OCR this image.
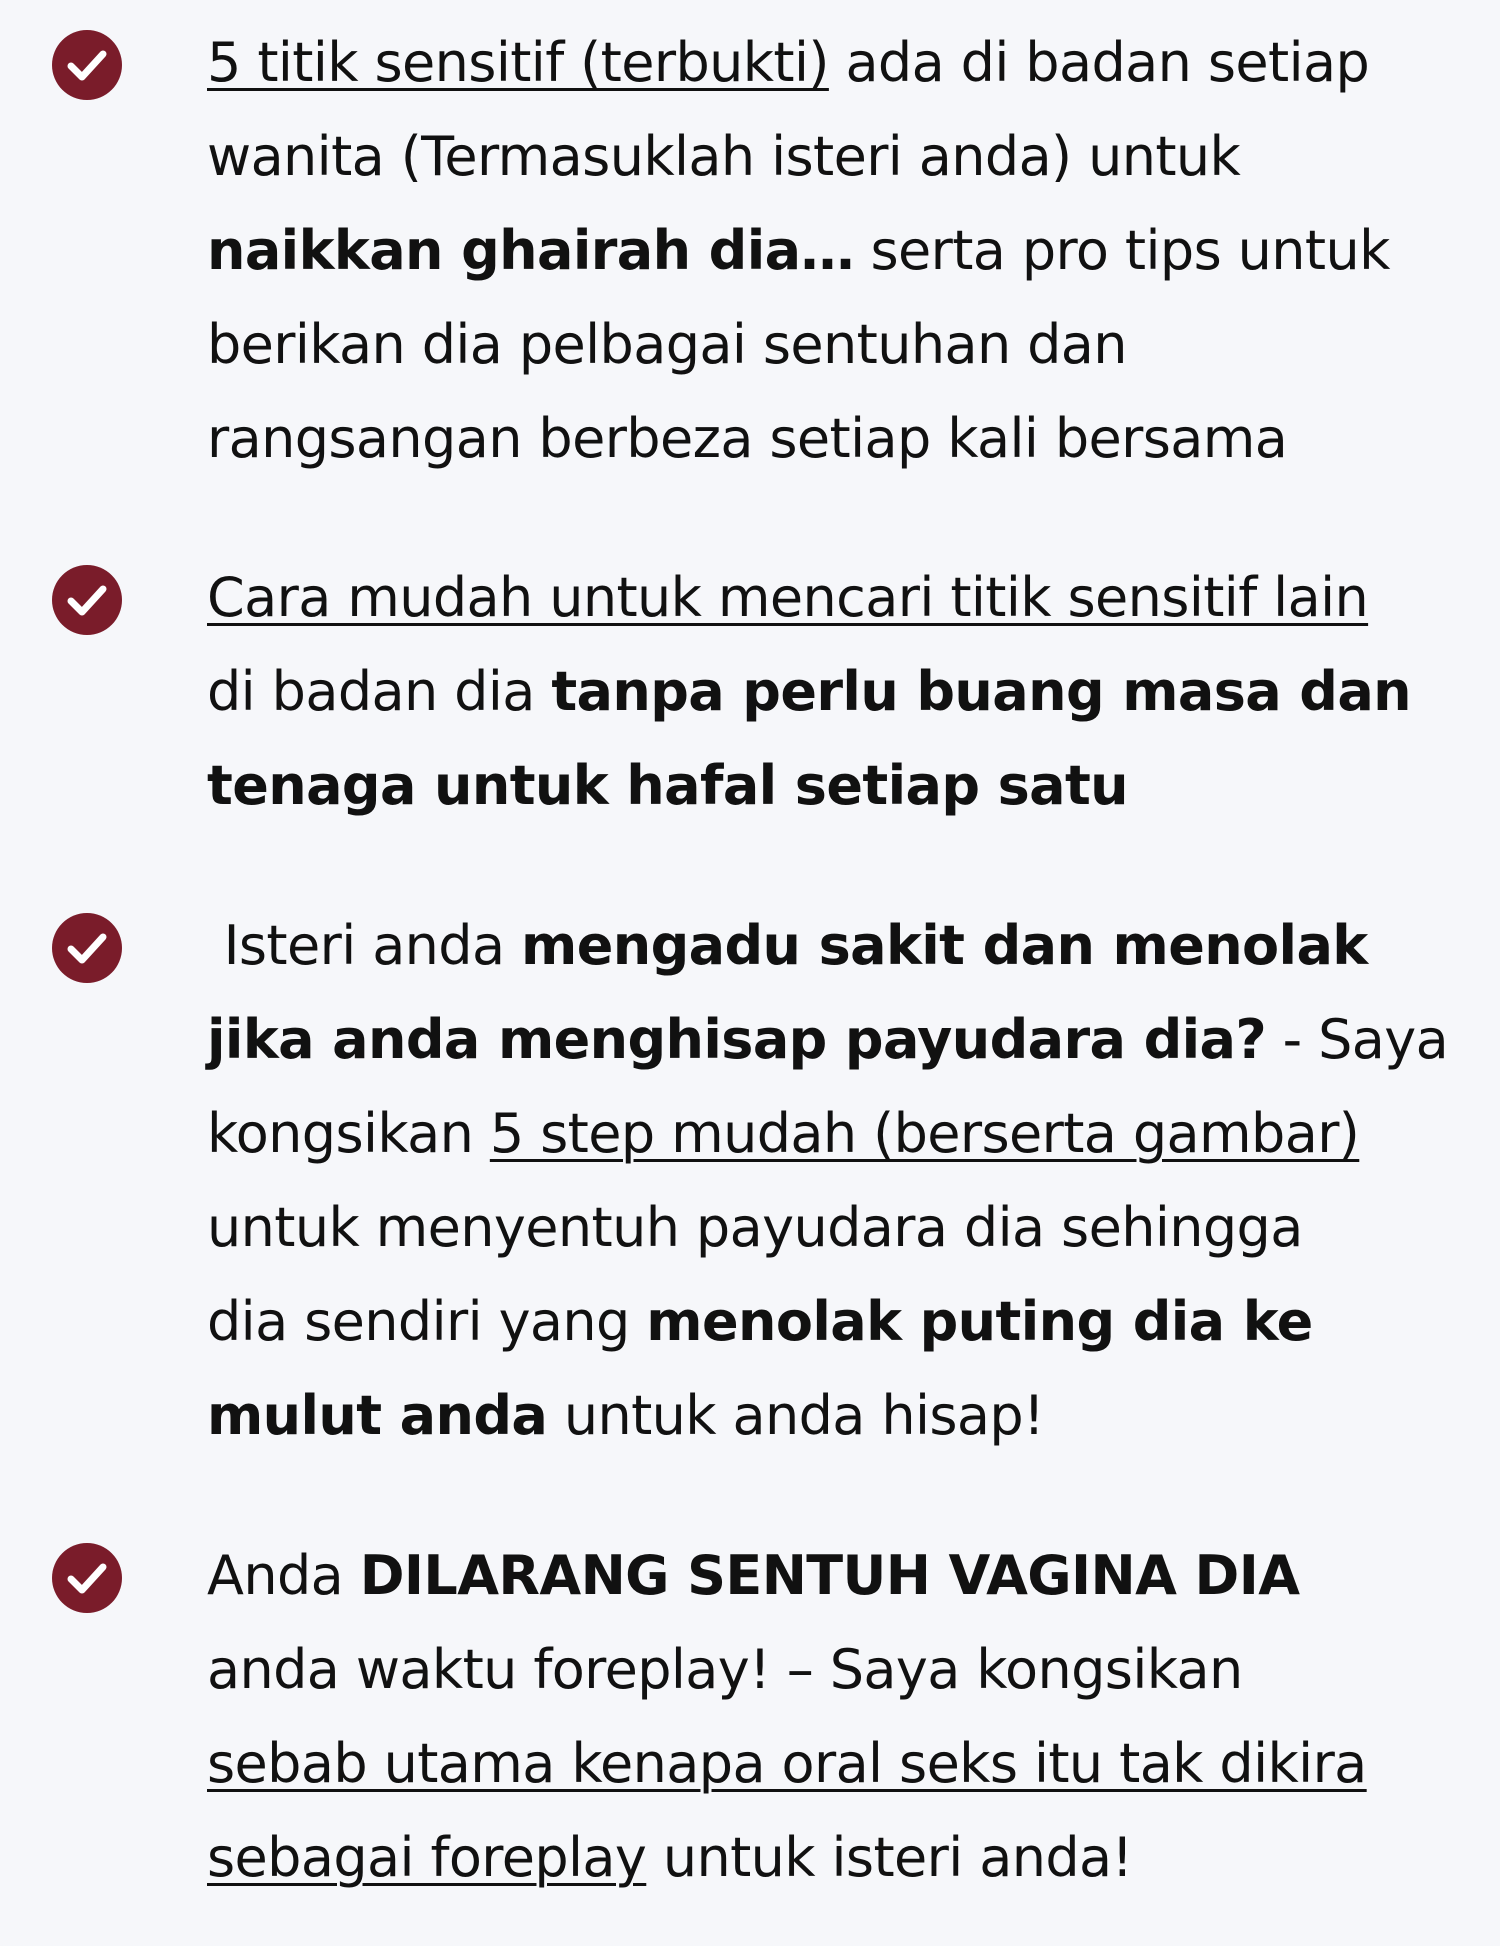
5 titik sensitif (terbukti) ada di badan setiap
wanita (Termasuklah isteri anda) untuk
naikkan ghairah dia… serta pro tips untuk
berikan dia pelbagai sentuhan dan
rangsangan berbeza setiap kali bersama
Cara mudah untuk mencari titik sensitif lain
di badan dia tanpa perlu buang masa dan
tenaga untuk hafal setiap satu
Isteri anda mengadu sakit dan menolak
jika anda menghisap payudara dia? - Saya
kongsikan 5 step mudah (berserta gambar)
untuk menyentuh payudara dia sehingga
dia sendiri yang menolak puting dia ke
mulut anda untuk anda hisap!
Anda DILARANG SENTUH VAGINA DIA
anda waktu foreplay! – Saya kongsikan
sebab utama kenapa oral seks itu tak dikira
sebagai foreplay untuk isteri anda!
